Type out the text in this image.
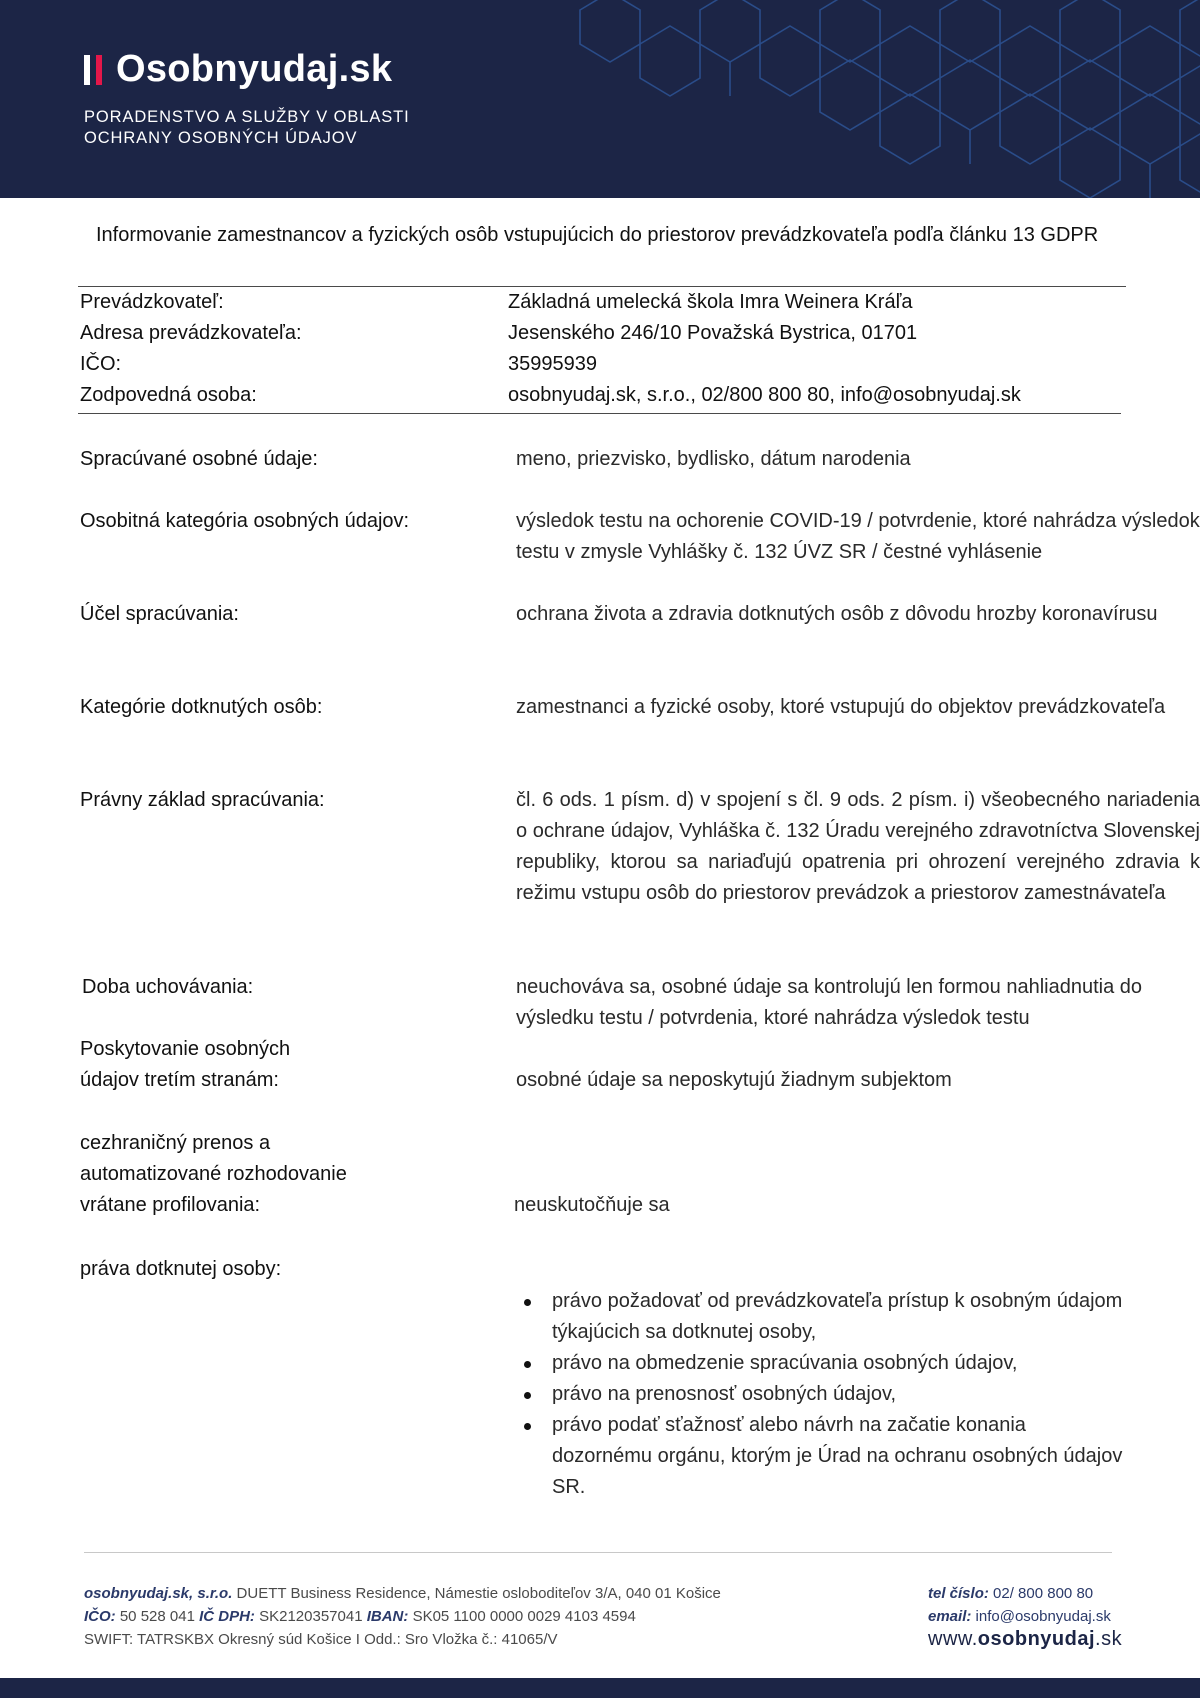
Osobnyudaj.sk
PORADENSTVO A SLUŽBY V OBLASTI
OCHRANY OSOBNÝCH ÚDAJOV
Informovanie zamestnancov a fyzických osôb vstupujúcich do priestorov prevádzkovateľa podľa článku 13 GDPR
Prevádzkovateľ:	Základná umelecká škola Imra Weinera Kráľa
Adresa prevádzkovateľa:	Jesenského 246/10 Považská Bystrica, 01701
IČO:	35995939
Zodpovedná osoba:	osobnyudaj.sk, s.r.o., 02/800 800 80, info@osobnyudaj.sk
Spracúvané osobné údaje:	meno, priezvisko, bydlisko, dátum narodenia
Osobitná kategória osobných údajov:	výsledok testu na ochorenie COVID-19 / potvrdenie, ktoré nahrádza výsledok testu v zmysle Vyhlášky č. 132 ÚVZ SR / čestné vyhlásenie
Účel spracúvania:	ochrana života a zdravia dotknutých osôb z dôvodu hrozby koronavírusu
Kategórie dotknutých osôb:	zamestnanci a fyzické osoby, ktoré vstupujú do objektov prevádzkovateľa
Právny základ spracúvania:	čl. 6 ods. 1 písm. d) v spojení s čl. 9 ods. 2 písm. i) všeobecného nariadenia o ochrane údajov, Vyhláška č. 132 Úradu verejného zdravotníctva Slovenskej republiky, ktorou sa nariaďujú opatrenia pri ohrození verejného zdravia k režimu vstupu osôb do priestorov prevádzok a priestorov zamestnávateľa
Doba uchovávania:	neuchováva sa, osobné údaje sa kontrolujú len formou nahliadnutia do výsledku testu / potvrdenia, ktoré nahrádza výsledok testu
Poskytovanie osobných
údajov tretím stranám:	osobné údaje sa neposkytujú žiadnym subjektom
cezhraničný prenos a
automatizované rozhodovanie
vrátane profilovania:	neuskutočňuje sa
práva dotknutej osoby:
právo požadovať od prevádzkovateľa prístup k osobným údajom týkajúcich sa dotknutej osoby,
právo na obmedzenie spracúvania osobných údajov,
právo na prenosnosť osobných údajov,
právo podať sťažnosť alebo návrh na začatie konania dozornému orgánu, ktorým je Úrad na ochranu osobných údajov SR.
osobnyudaj.sk, s.r.o. DUETT Business Residence, Námestie osloboditeľov 3/A, 040 01 Košice
IČO: 50 528 041 IČ DPH: SK2120357041 IBAN: SK05 1100 0000 0029 4103 4594
SWIFT: TATRSKBX Okresný súd Košice I Odd.: Sro Vložka č.: 41065/V
tel číslo: 02/ 800 800 80
email: info@osobnyudaj.sk
www.osobnyudaj.sk
